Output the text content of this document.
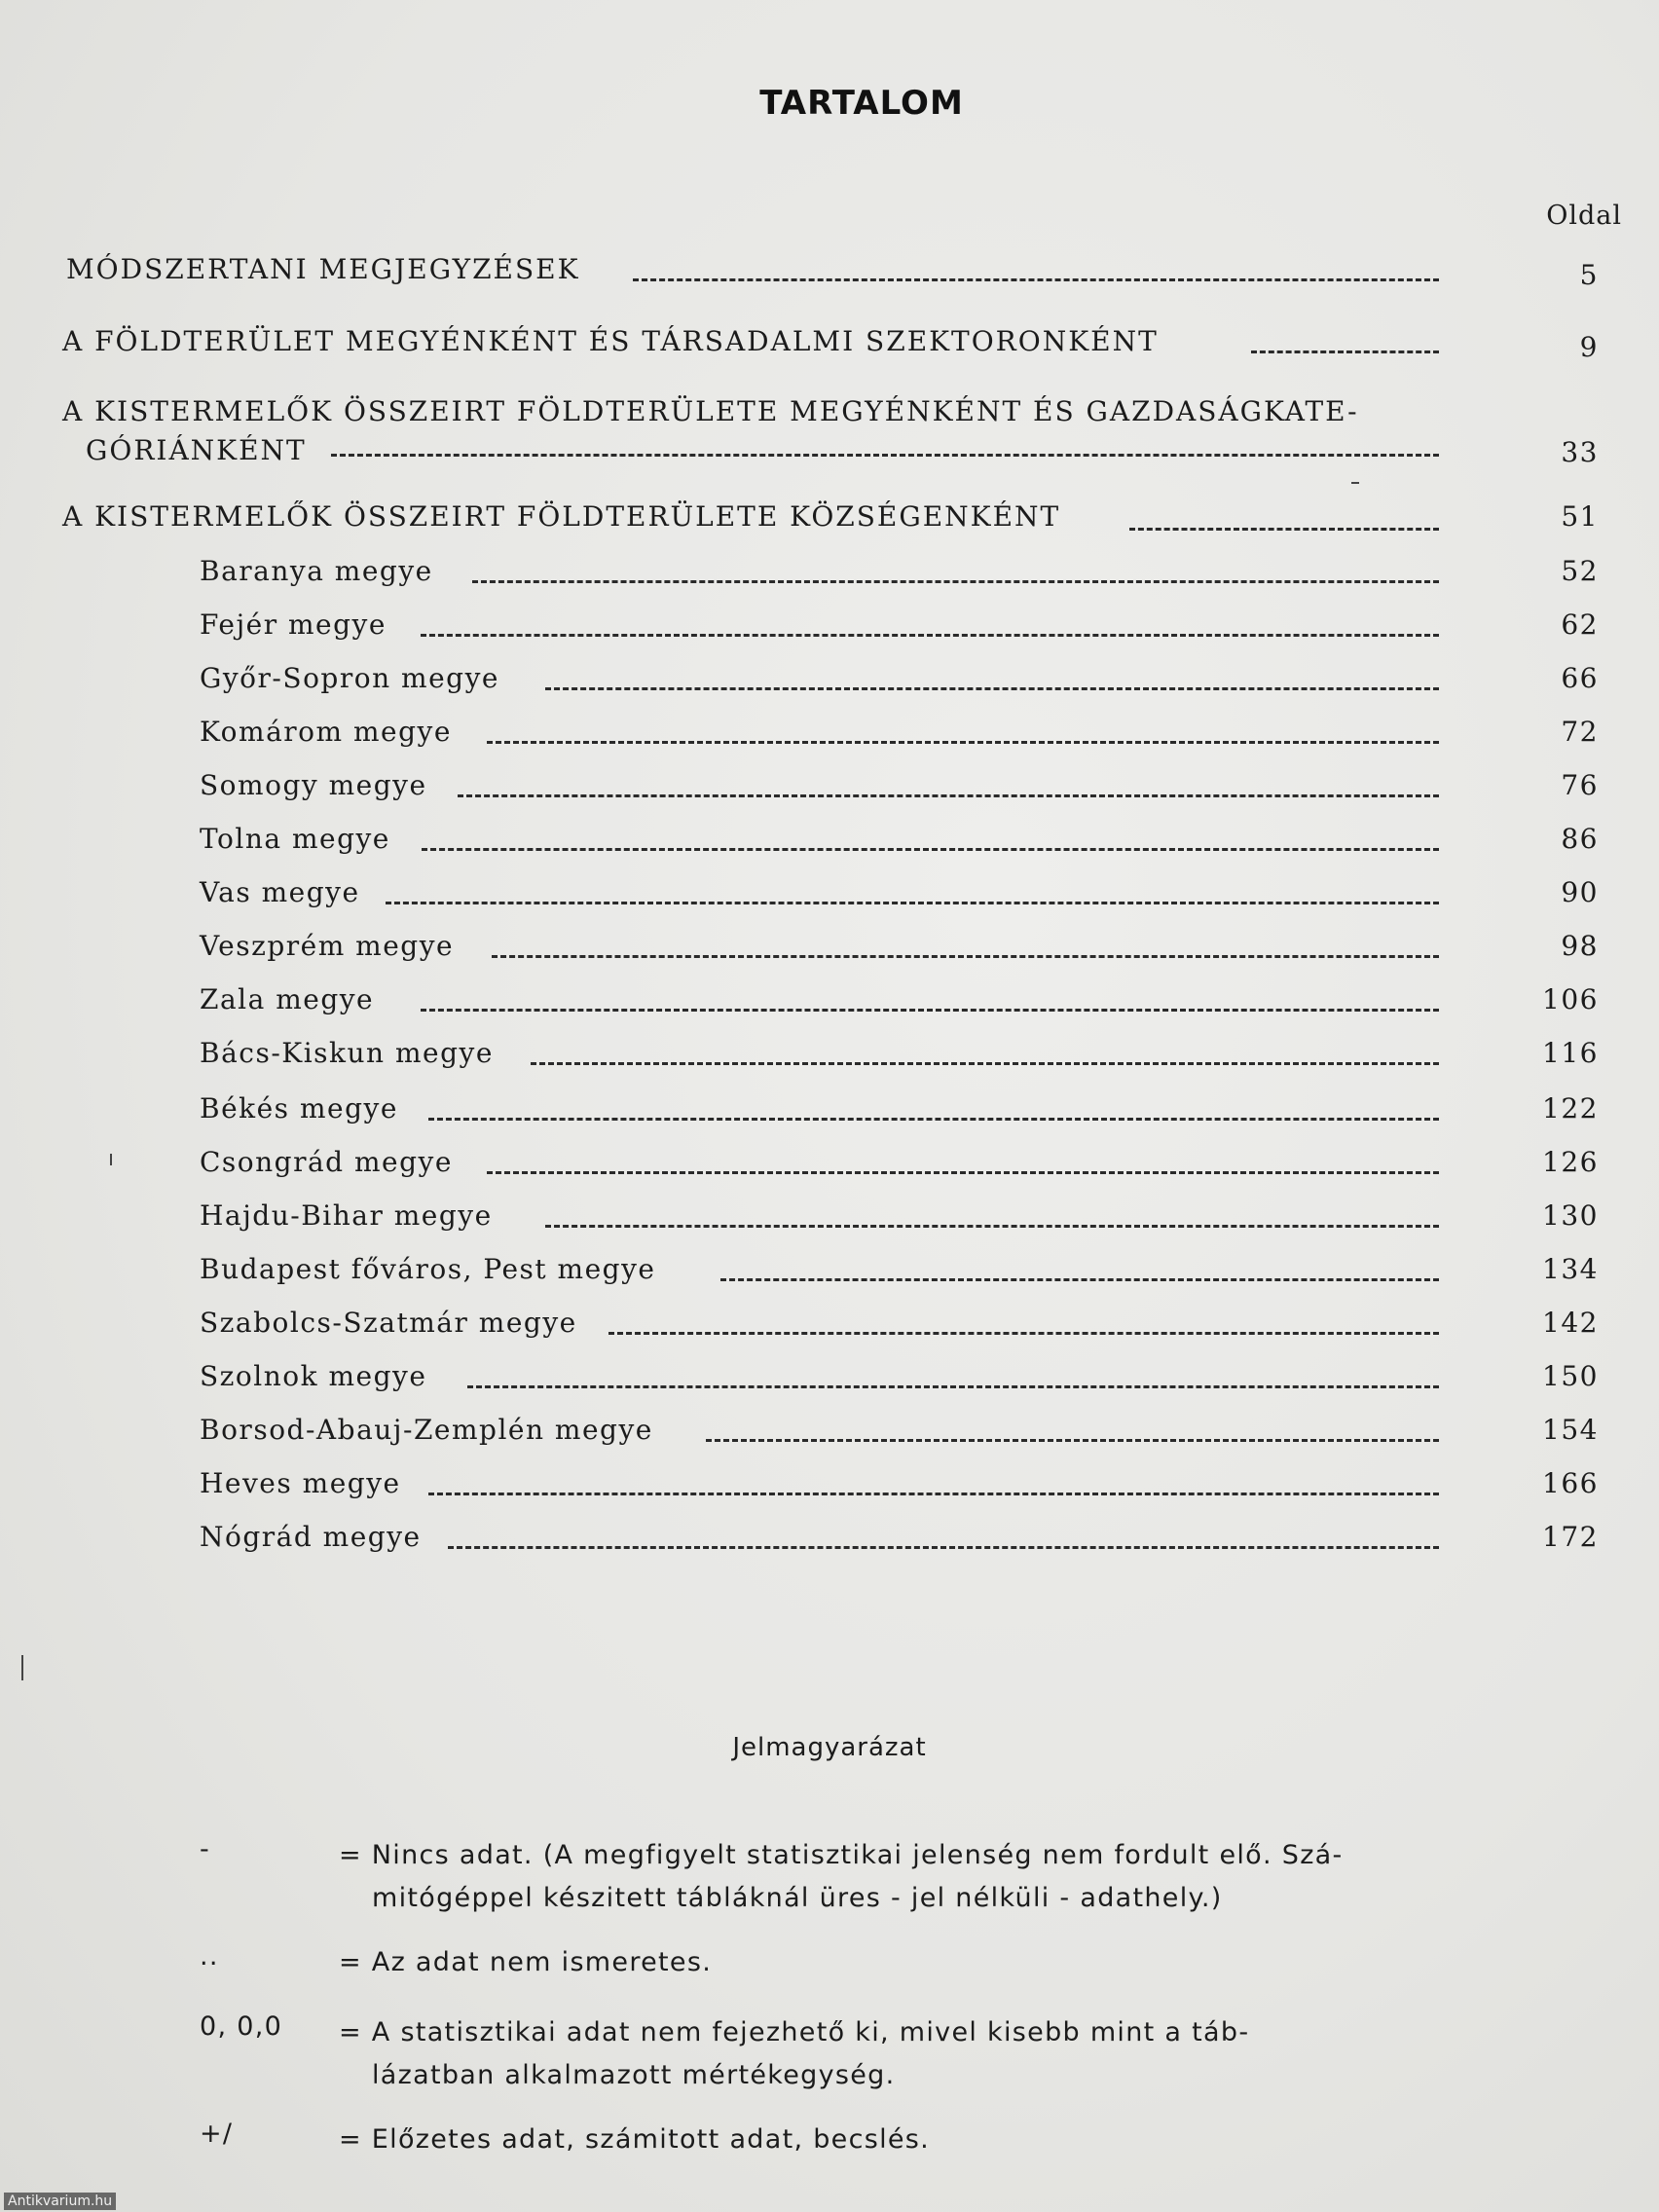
TARTALOM
Oldal
MÓDSZERTANI MEGJEGYZÉSEK	5
A FÖLDTERÜLET MEGYÉNKÉNT ÉS TÁRSADALMI SZEKTORONKÉNT	9
A KISTERMELŐK ÖSSZEIRT FÖLDTERÜLETE MEGYÉNKÉNT ÉS GAZDASÁGKATE-
GÓRIÁNKÉNT	33
A KISTERMELŐK ÖSSZEIRT FÖLDTERÜLETE KÖZSÉGENKÉNT	51
Baranya megye	52
Fejér megye	62
Győr-Sopron megye	66
Komárom megye	72
Somogy megye	76
Tolna megye	86
Vas megye	90
Veszprém megye	98
Zala megye	106
Bács-Kiskun megye	116
Békés megye	122
Csongrád megye	126
Hajdu-Bihar megye	130
Budapest főváros, Pest megye	134
Szabolcs-Szatmár megye	142
Szolnok megye	150
Borsod-Abauj-Zemplén megye	154
Heves megye	166
Nógrád megye	172
Jelmagyarázat
-	= Nincs adat. (A megfigyelt statisztikai jelenség nem fordult elő. Szá-
mitógéppel készitett tábláknál üres - jel nélküli - adathely.)
..	= Az adat nem ismeretes.
0, 0,0 = A statisztikai adat nem fejezhető ki, mivel kisebb mint a táb-
lázatban alkalmazott mértékegység.
+/	= Előzetes adat, számitott adat, becslés.
Antikvarium.hu
